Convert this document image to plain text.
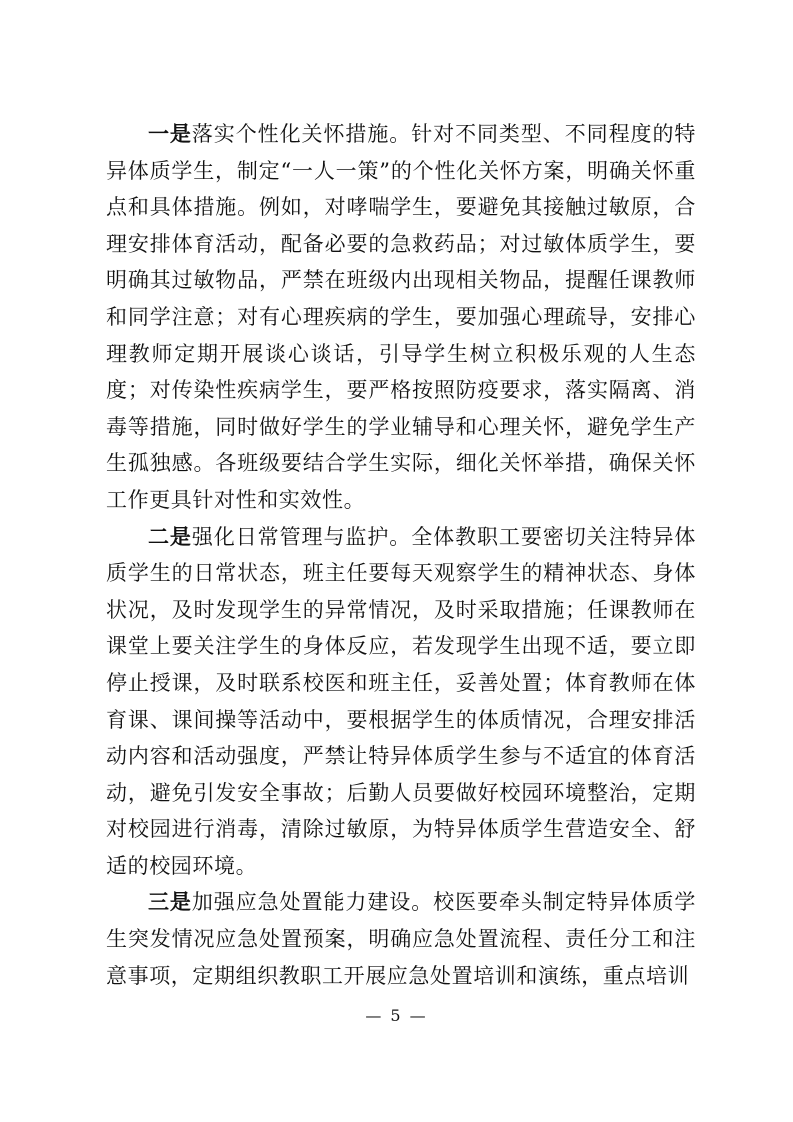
一是落实个性化关怀措施。针对不同类型、不同程度的特异体质学生，制定“一人一策”的个性化关怀方案，明确关怀重点和具体措施。例如，对哮喘学生，要避免其接触过敏原，合理安排体育活动，配备必要的急救药品；对过敏体质学生，要明确其过敏物品，严禁在班级内出现相关物品，提醒任课教师和同学注意；对有心理疾病的学生，要加强心理疏导，安排心理教师定期开展谈心谈话，引导学生树立积极乐观的人生态度；对传染性疾病学生，要严格按照防疫要求，落实隔离、消毒等措施，同时做好学生的学业辅导和心理关怀，避免学生产生孤独感。各班级要结合学生实际，细化关怀举措，确保关怀工作更具针对性和实效性。

二是强化日常管理与监护。全体教职工要密切关注特异体质学生的日常状态，班主任要每天观察学生的精神状态、身体状况，及时发现学生的异常情况，及时采取措施；任课教师在课堂上要关注学生的身体反应，若发现学生出现不适，要立即停止授课，及时联系校医和班主任，妥善处置；体育教师在体育课、课间操等活动中，要根据学生的体质情况，合理安排活动内容和活动强度，严禁让特异体质学生参与不适宜的体育活动，避免引发安全事故；后勤人员要做好校园环境整治，定期对校园进行消毒，清除过敏原，为特异体质学生营造安全、舒适的校园环境。

三是加强应急处置能力建设。校医要牵头制定特异体质学生突发情况应急处置预案，明确应急处置流程、责任分工和注意事项，定期组织教职工开展应急处置培训和演练，重点培训

— 5 —
